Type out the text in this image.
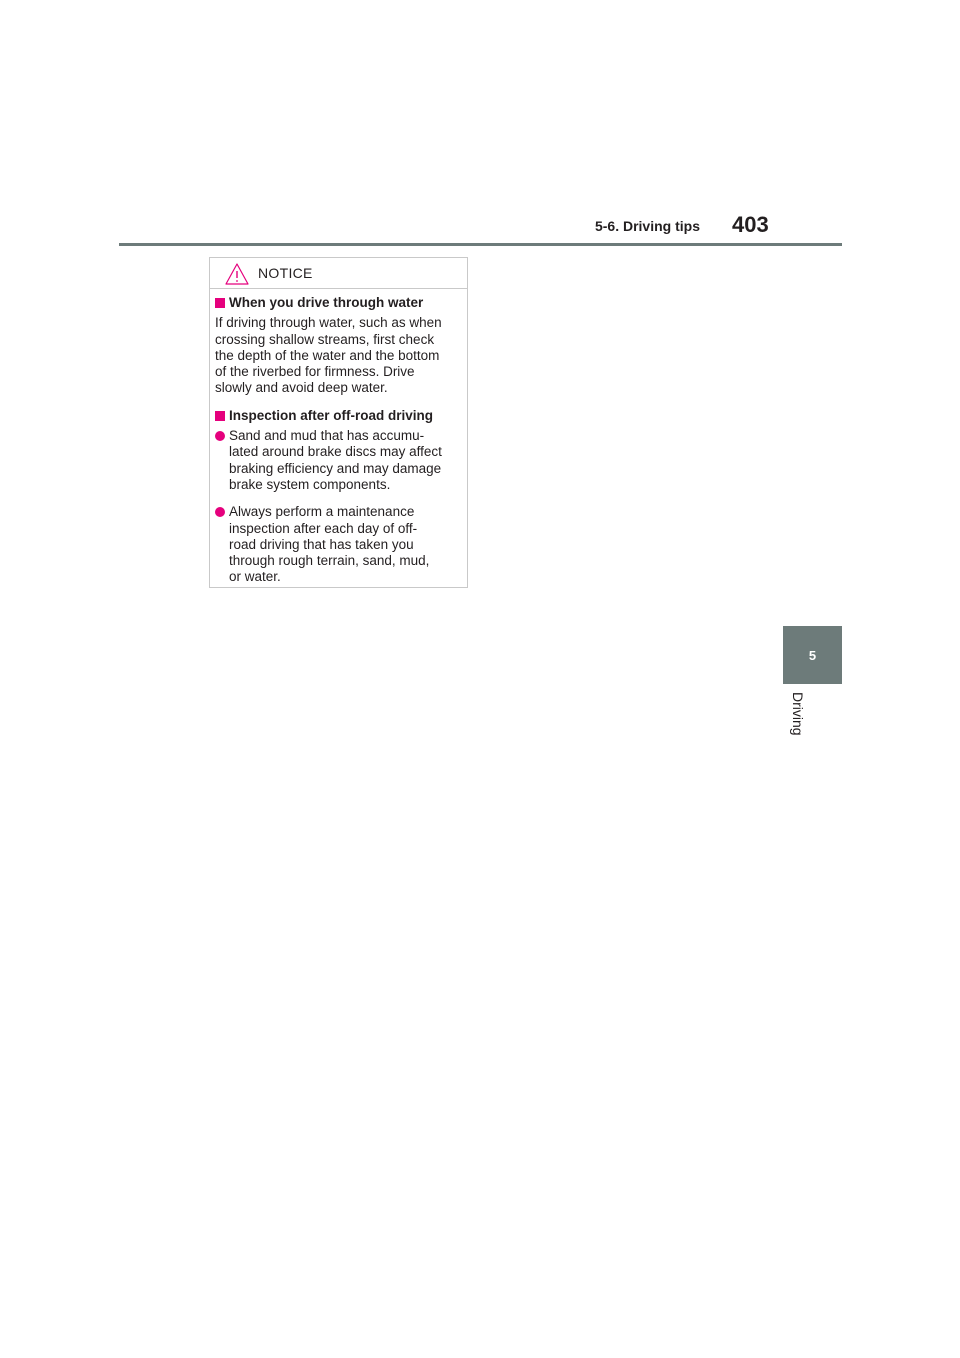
5-6. Driving tips 403
5
Driving
NOTICE
When you drive through water
If driving through water, such as when
crossing shallow streams, first check
the depth of the water and the bottom
of the riverbed for firmness. Drive
slowly and avoid deep water.
Inspection after off-road driving
Sand and mud that has accumu-
lated around brake discs may affect
braking efficiency and may damage
brake system components.
Always perform a maintenance
inspection after each day of off-
road driving that has taken you
through rough terrain, sand, mud,
or water.
